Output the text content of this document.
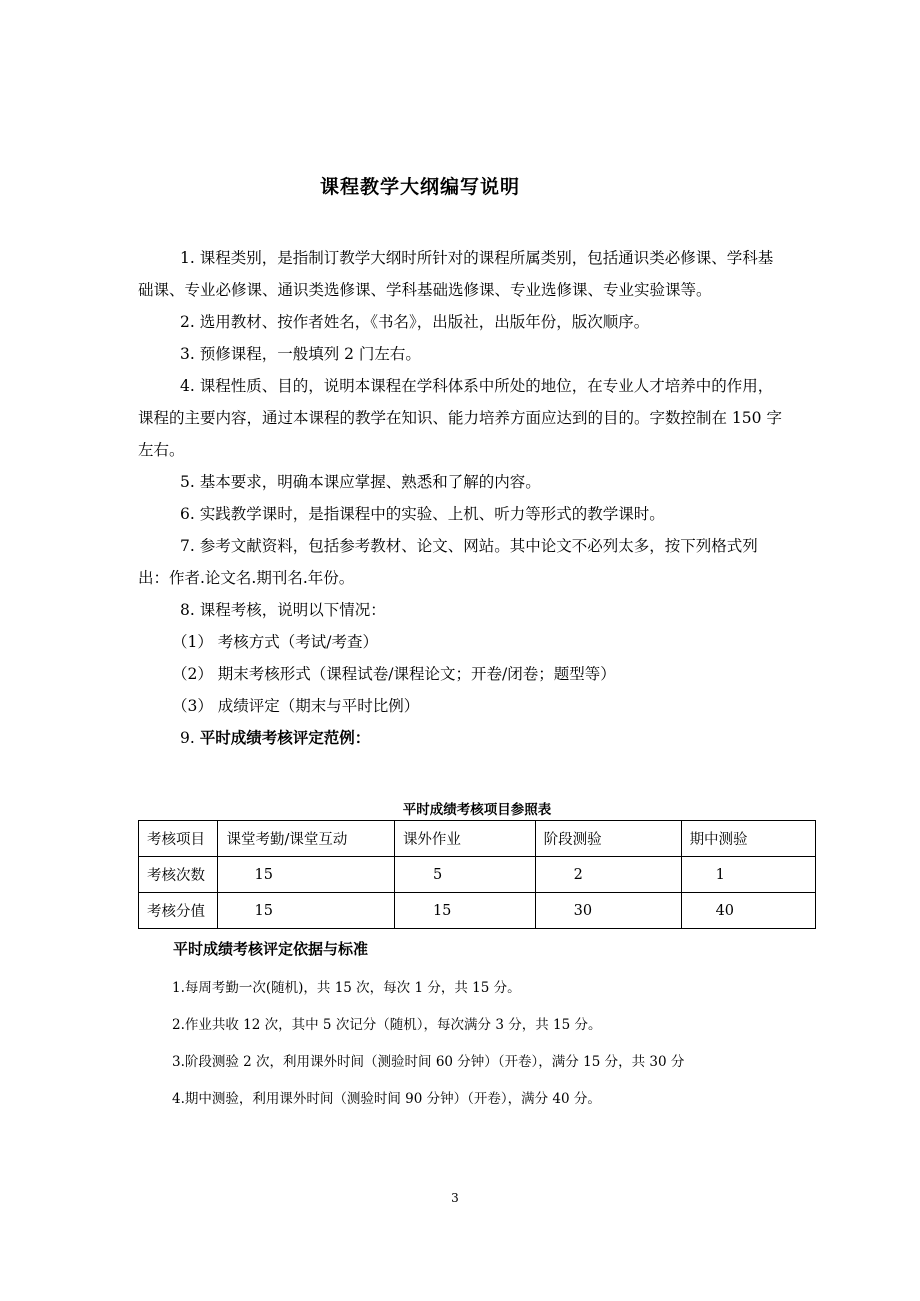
课程教学大纲编写说明

1. 课程类别，是指制订教学大纲时所针对的课程所属类别，包括通识类必修课、学科基础课、专业必修课、通识类选修课、学科基础选修课、专业选修课、专业实验课等。

2. 选用教材、按作者姓名，《书名》，出版社，出版年份，版次顺序。

3. 预修课程，一般填列 2 门左右。

4. 课程性质、目的，说明本课程在学科体系中所处的地位，在专业人才培养中的作用，课程的主要内容，通过本课程的教学在知识、能力培养方面应达到的目的。字数控制在 150 字左右。

5. 基本要求，明确本课应掌握、熟悉和了解的内容。

6. 实践教学课时，是指课程中的实验、上机、听力等形式的教学课时。

7. 参考文献资料，包括参考教材、论文、网站。其中论文不必列太多，按下列格式列出：作者.论文名.期刊名.年份。

8. 课程考核，说明以下情况：

（1） 考核方式（考试/考查）

（2） 期末考核形式（课程试卷/课程论文；开卷/闭卷；题型等）

（3） 成绩评定（期末与平时比例）

9. 平时成绩考核评定范例：

平时成绩考核项目参照表
考核项目	课堂考勤/课堂互动	课外作业	阶段测验	期中测验
考核次数	15	5	2	1
考核分值	15	15	30	40
平时成绩考核评定依据与标准

1.每周考勤一次(随机)，共 15 次，每次 1 分，共 15 分。

2.作业共收 12 次，其中 5 次记分（随机），每次满分 3 分，共 15 分。

3.阶段测验 2 次，利用课外时间（测验时间 60 分钟）（开卷），满分 15 分，共 30 分

4.期中测验，利用课外时间（测验时间 90 分钟）（开卷），满分 40 分。

3
